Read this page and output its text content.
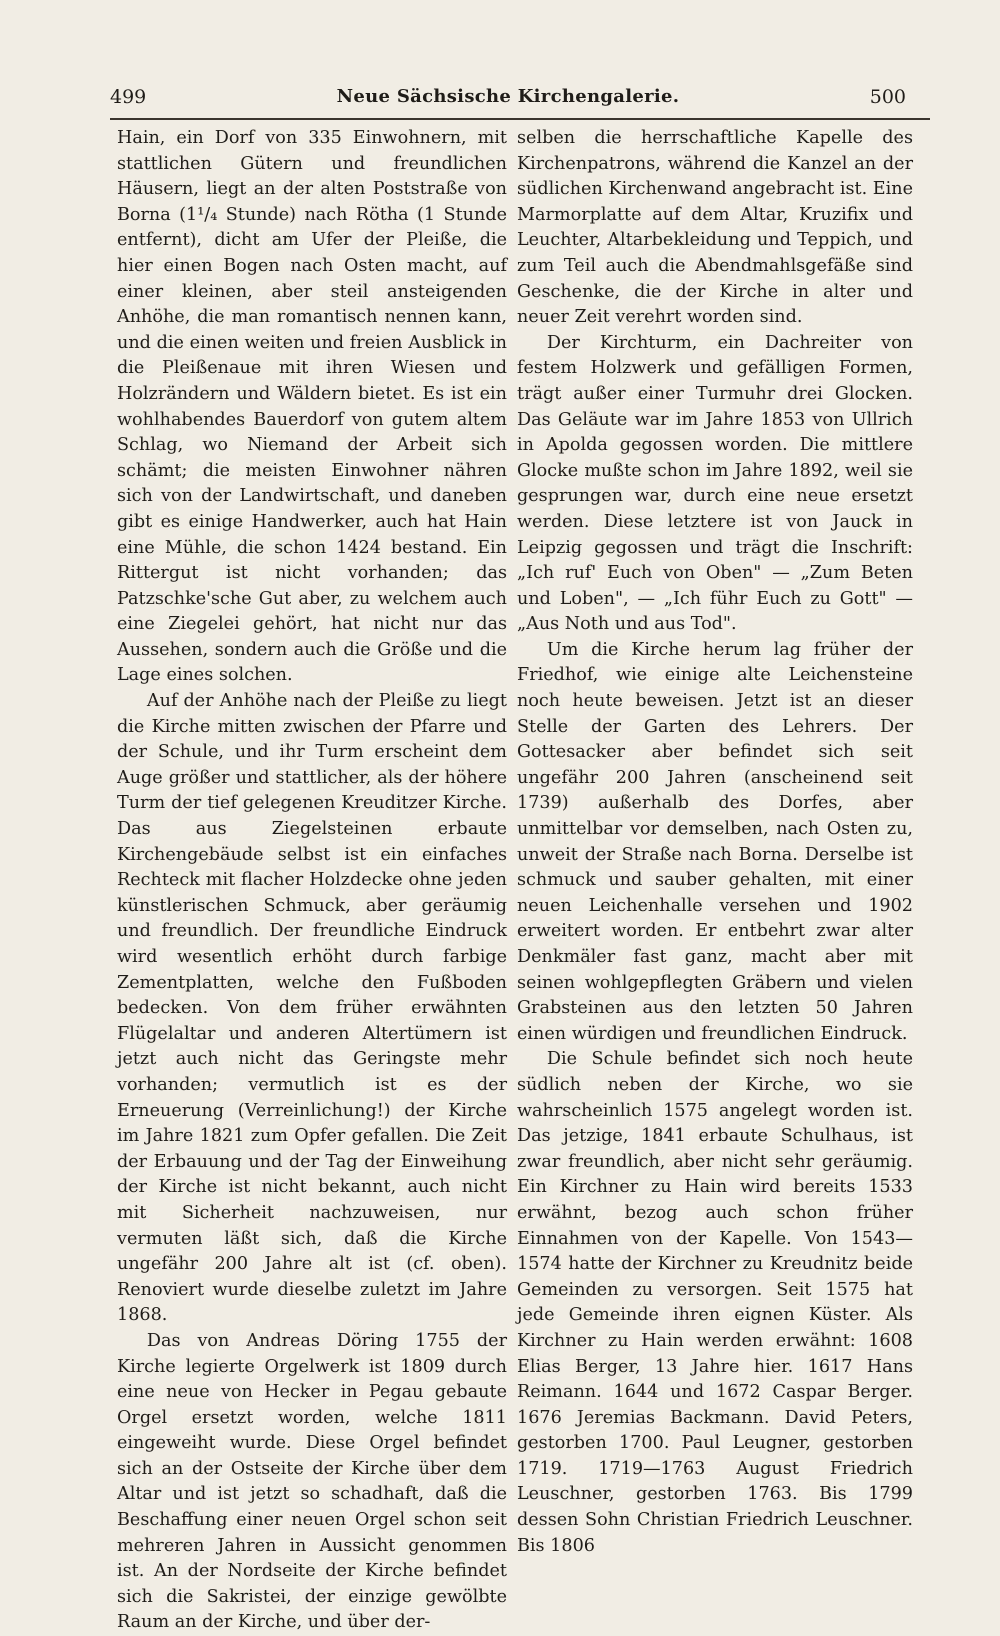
499	Neue Sächsische Kirchengalerie.	500

Hain, ein Dorf von 335 Einwohnern, mit stattlichen Gütern und freundlichen Häusern, liegt an der alten Poststraße von Borna (1¹/₄ Stunde) nach Rötha (1 Stunde entfernt), dicht am Ufer der Pleiße, die hier einen Bogen nach Osten macht, auf einer kleinen, aber steil ansteigenden Anhöhe, die man romantisch nennen kann, und die einen weiten und freien Ausblick in die Pleißenaue mit ihren Wiesen und Holzrändern und Wäldern bietet. Es ist ein wohlhabendes Bauerdorf von gutem altem Schlag, wo Niemand der Arbeit sich schämt; die meisten Einwohner nähren sich von der Landwirtschaft, und daneben gibt es einige Handwerker, auch hat Hain eine Mühle, die schon 1424 bestand. Ein Rittergut ist nicht vorhanden; das Patzschke'sche Gut aber, zu welchem auch eine Ziegelei gehört, hat nicht nur das Aussehen, sondern auch die Größe und die Lage eines solchen.

Auf der Anhöhe nach der Pleiße zu liegt die Kirche mitten zwischen der Pfarre und der Schule, und ihr Turm erscheint dem Auge größer und stattlicher, als der höhere Turm der tief gelegenen Kreuditzer Kirche. Das aus Ziegelsteinen erbaute Kirchengebäude selbst ist ein einfaches Rechteck mit flacher Holzdecke ohne jeden künstlerischen Schmuck, aber geräumig und freundlich. Der freundliche Eindruck wird wesentlich erhöht durch farbige Zementplatten, welche den Fußboden bedecken. Von dem früher erwähnten Flügelaltar und anderen Altertümern ist jetzt auch nicht das Geringste mehr vorhanden; vermutlich ist es der Erneuerung (Verreinlichung!) der Kirche im Jahre 1821 zum Opfer gefallen. Die Zeit der Erbauung und der Tag der Einweihung der Kirche ist nicht bekannt, auch nicht mit Sicherheit nachzuweisen, nur vermuten läßt sich, daß die Kirche ungefähr 200 Jahre alt ist (cf. oben). Renoviert wurde dieselbe zuletzt im Jahre 1868.

Das von Andreas Döring 1755 der Kirche legierte Orgelwerk ist 1809 durch eine neue von Hecker in Pegau gebaute Orgel ersetzt worden, welche 1811 eingeweiht wurde. Diese Orgel befindet sich an der Ostseite der Kirche über dem Altar und ist jetzt so schadhaft, daß die Beschaffung einer neuen Orgel schon seit mehreren Jahren in Aussicht genommen ist. An der Nordseite der Kirche befindet sich die Sakristei, der einzige gewölbte Raum an der Kirche, und über der-

selben die herrschaftliche Kapelle des Kirchenpatrons, während die Kanzel an der südlichen Kirchenwand angebracht ist. Eine Marmorplatte auf dem Altar, Kruzifix und Leuchter, Altarbekleidung und Teppich, und zum Teil auch die Abendmahlsgefäße sind Geschenke, die der Kirche in alter und neuer Zeit verehrt worden sind.

Der Kirchturm, ein Dachreiter von festem Holzwerk und gefälligen Formen, trägt außer einer Turmuhr drei Glocken. Das Geläute war im Jahre 1853 von Ullrich in Apolda gegossen worden. Die mittlere Glocke mußte schon im Jahre 1892, weil sie gesprungen war, durch eine neue ersetzt werden. Diese letztere ist von Jauck in Leipzig gegossen und trägt die Inschrift: „Ich ruf' Euch von Oben" — „Zum Beten und Loben", — „Ich führ Euch zu Gott" — „Aus Noth und aus Tod".

Um die Kirche herum lag früher der Friedhof, wie einige alte Leichensteine noch heute beweisen. Jetzt ist an dieser Stelle der Garten des Lehrers. Der Gottesacker aber befindet sich seit ungefähr 200 Jahren (anscheinend seit 1739) außerhalb des Dorfes, aber unmittelbar vor demselben, nach Osten zu, unweit der Straße nach Borna. Derselbe ist schmuck und sauber gehalten, mit einer neuen Leichenhalle versehen und 1902 erweitert worden. Er entbehrt zwar alter Denkmäler fast ganz, macht aber mit seinen wohlgepflegten Gräbern und vielen Grabsteinen aus den letzten 50 Jahren einen würdigen und freundlichen Eindruck.

Die Schule befindet sich noch heute südlich neben der Kirche, wo sie wahrscheinlich 1575 angelegt worden ist. Das jetzige, 1841 erbaute Schulhaus, ist zwar freundlich, aber nicht sehr geräumig. Ein Kirchner zu Hain wird bereits 1533 erwähnt, bezog auch schon früher Einnahmen von der Kapelle. Von 1543—1574 hatte der Kirchner zu Kreudnitz beide Gemeinden zu versorgen. Seit 1575 hat jede Gemeinde ihren eignen Küster. Als Kirchner zu Hain werden erwähnt: 1608 Elias Berger, 13 Jahre hier. 1617 Hans Reimann. 1644 und 1672 Caspar Berger. 1676 Jeremias Backmann. David Peters, gestorben 1700. Paul Leugner, gestorben 1719. 1719—1763 August Friedrich Leuschner, gestorben 1763. Bis 1799 dessen Sohn Christian Friedrich Leuschner. Bis 1806
